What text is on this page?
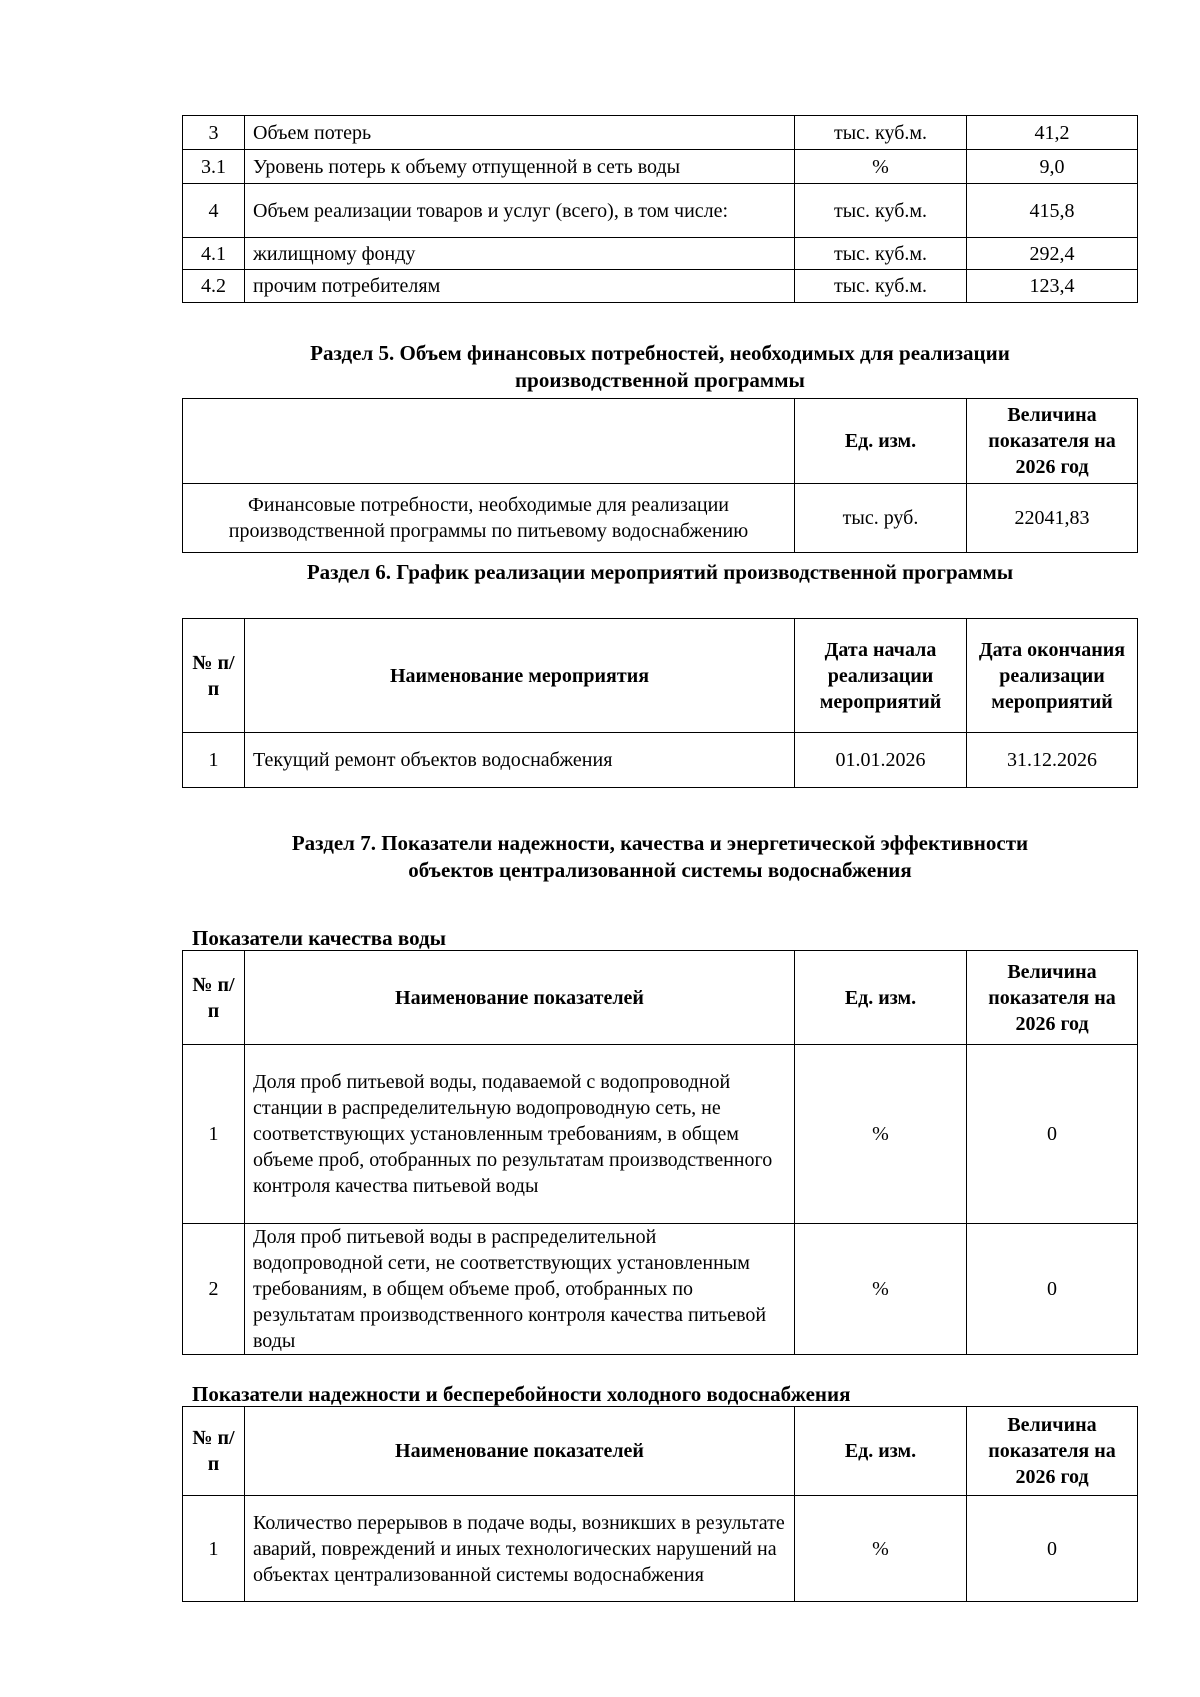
3	Объем потерь	тыс. куб.м.	41,2
3.1	Уровень потерь к объему отпущенной в сеть воды	%	9,0
4	Объем реализации товаров и услуг (всего), в том числе:	тыс. куб.м.	415,8
4.1	жилищному фонду	тыс. куб.м.	292,4
4.2	прочим потребителям	тыс. куб.м.	123,4
Раздел 5. Объем финансовых потребностей, необходимых для реализации
производственной программы
	Ед. изм.	Величина показателя на 2026 год
Финансовые потребности, необходимые для реализации производственной программы по питьевому водоснабжению	тыс. руб.	22041,83
Раздел 6. График реализации мероприятий производственной программы
№ п/п	Наименование мероприятия	Дата начала реализации мероприятий	Дата окончания реализации мероприятий
1	Текущий ремонт объектов водоснабжения	01.01.2026	31.12.2026
Раздел 7. Показатели надежности, качества и энергетической эффективности
объектов централизованной системы водоснабжения
Показатели качества воды
№ п/п	Наименование показателей	Ед. изм.	Величина показателя на 2026 год
1	Доля проб питьевой воды, подаваемой с водопроводной станции в распределительную водопроводную сеть, не соответствующих установленным требованиям, в общем объеме проб, отобранных по результатам производственного контроля качества питьевой воды	%	0
2	Доля проб питьевой воды в распределительной водопроводной сети, не соответствующих установленным требованиям, в общем объеме проб, отобранных по результатам производственного контроля качества питьевой воды	%	0
Показатели надежности и бесперебойности холодного водоснабжения
№ п/п	Наименование показателей	Ед. изм.	Величина показателя на 2026 год
1	Количество перерывов в подаче воды, возникших в результате аварий, повреждений и иных технологических нарушений на объектах централизованной системы водоснабжения	%	0
